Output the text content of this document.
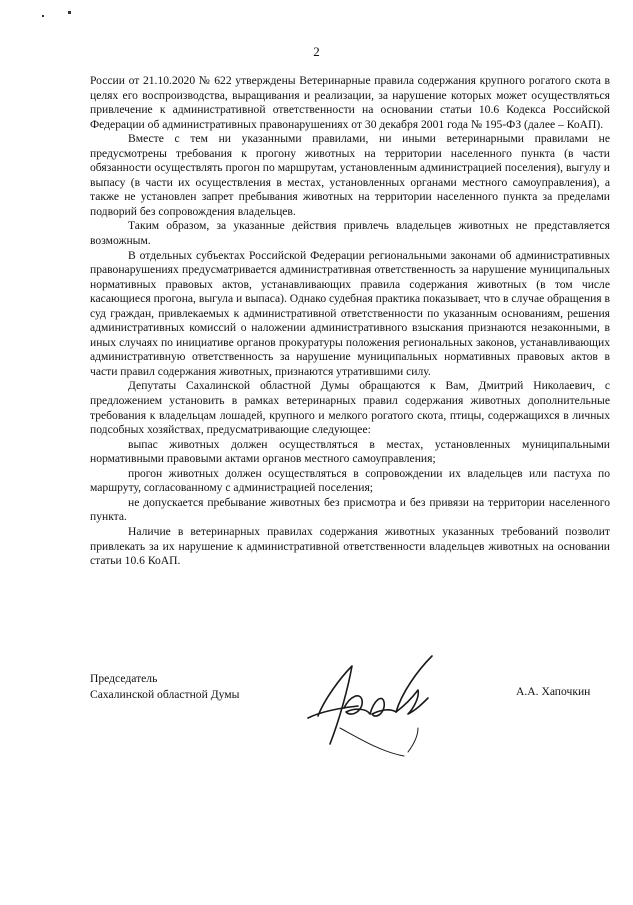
2

России от 21.10.2020 № 622 утверждены Ветеринарные правила содержания крупного рогатого скота в целях его воспроизводства, выращивания и реализации, за нарушение которых может осуществляться привлечение к административной ответственности на основании статьи 10.6 Кодекса Российской Федерации об административных правонарушениях от 30 декабря 2001 года № 195-ФЗ (далее – КоАП).

Вместе с тем ни указанными правилами, ни иными ветеринарными правилами не предусмотрены требования к прогону животных на территории населенного пункта (в части обязанности осуществлять прогон по маршрутам, установленным администрацией поселения), выгулу и выпасу (в части их осуществления в местах, установленных органами местного самоуправления), а также не установлен запрет пребывания животных на территории населенного пункта за пределами подворий без сопровождения владельцев.

Таким образом, за указанные действия привлечь владельцев животных не представляется возможным.

В отдельных субъектах Российской Федерации региональными законами об административных правонарушениях предусматривается административная ответственность за нарушение муниципальных нормативных правовых актов, устанавливающих правила содержания животных (в том числе касающиеся прогона, выгула и выпаса). Однако судебная практика показывает, что в случае обращения в суд граждан, привлекаемых к административной ответственности по указанным основаниям, решения административных комиссий о наложении административного взыскания признаются незаконными, в иных случаях по инициативе органов прокуратуры положения региональных законов, устанавливающих административную ответственность за нарушение муниципальных нормативных правовых актов в части правил содержания животных, признаются утратившими силу.

Депутаты Сахалинской областной Думы обращаются к Вам, Дмитрий Николаевич, с предложением установить в рамках ветеринарных правил содержания животных дополнительные требования к владельцам лошадей, крупного и мелкого рогатого скота, птицы, содержащихся в личных подсобных хозяйствах, предусматривающие следующее:

выпас животных должен осуществляться в местах, установленных муниципальными нормативными правовыми актами органов местного самоуправления;

прогон животных должен осуществляться в сопровождении их владельцев или пастуха по маршруту, согласованному с администрацией поселения;

не допускается пребывание животных без присмотра и без привязи на территории населенного пункта.

Наличие в ветеринарных правилах содержания животных указанных требований позволит привлекать за их нарушение к административной ответственности владельцев животных на основании статьи 10.6 КоАП.

Председатель
Сахалинской областной Думы	А.А. Хапочкин
